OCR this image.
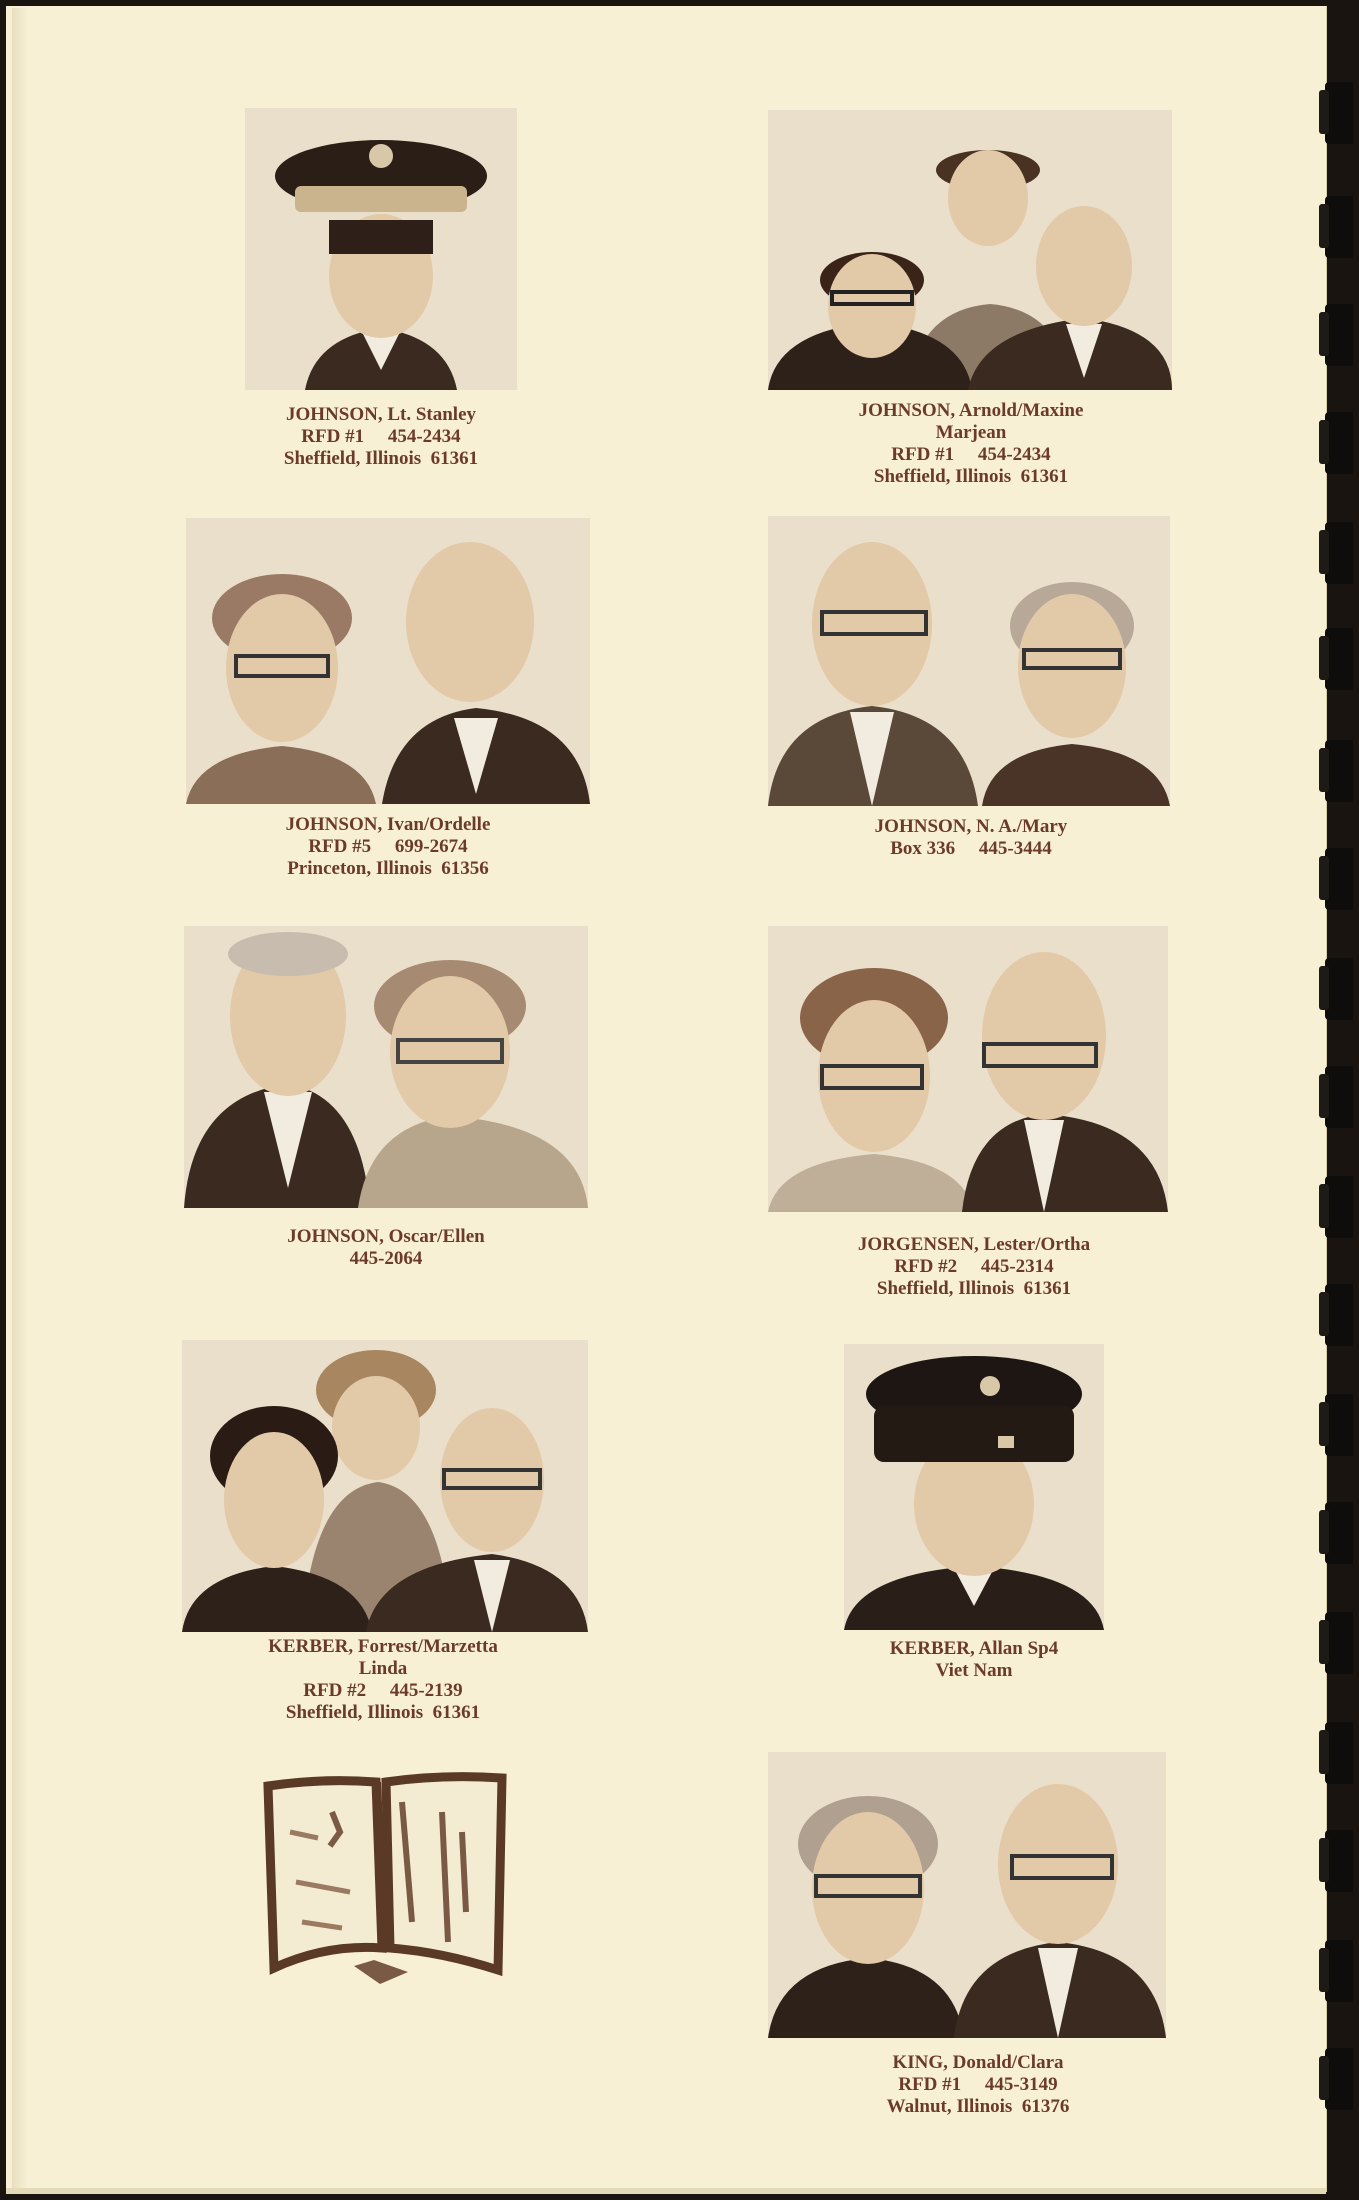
JOHNSON, Lt. Stanley
RFD #1     454-2434
Sheffield, Illinois  61361
JOHNSON, Arnold/Maxine
Marjean
RFD #1     454-2434
Sheffield, Illinois  61361
JOHNSON, Ivan/Ordelle
RFD #5     699-2674
Princeton, Illinois  61356
JOHNSON, N. A./Mary
Box 336     445-3444
JOHNSON, Oscar/Ellen
445-2064
JORGENSEN, Lester/Ortha
RFD #2     445-2314
Sheffield, Illinois  61361
KERBER, Forrest/Marzetta
Linda
RFD #2     445-2139
Sheffield, Illinois  61361
KERBER, Allan Sp4
Viet Nam
KING, Donald/Clara
RFD #1     445-3149
Walnut, Illinois  61376
